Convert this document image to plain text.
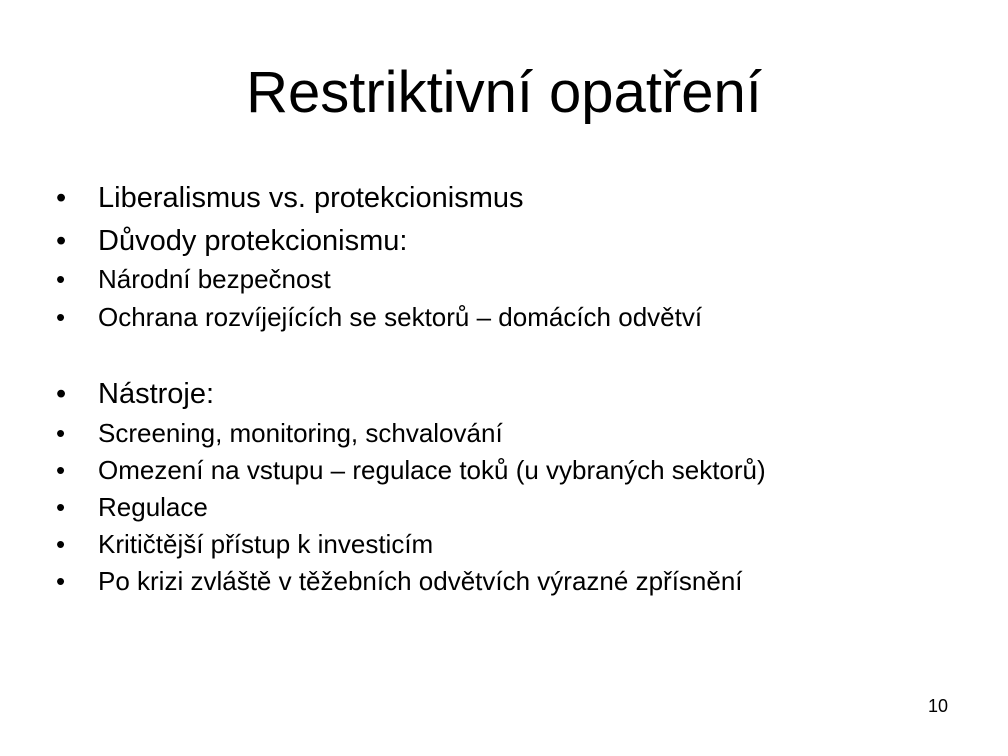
Restriktivní opatření
• Liberalismus vs. protekcionismus
• Důvody protekcionismu:
• Národní bezpečnost
• Ochrana rozvíjejících se sektorů – domácích odvětví
• Nástroje:
• Screening, monitoring, schvalování
• Omezení na vstupu – regulace toků (u vybraných sektorů)
• Regulace
• Kritičtější přístup k investicím
• Po krizi zvláště v těžebních odvětvích výrazné zpřísnění
10
